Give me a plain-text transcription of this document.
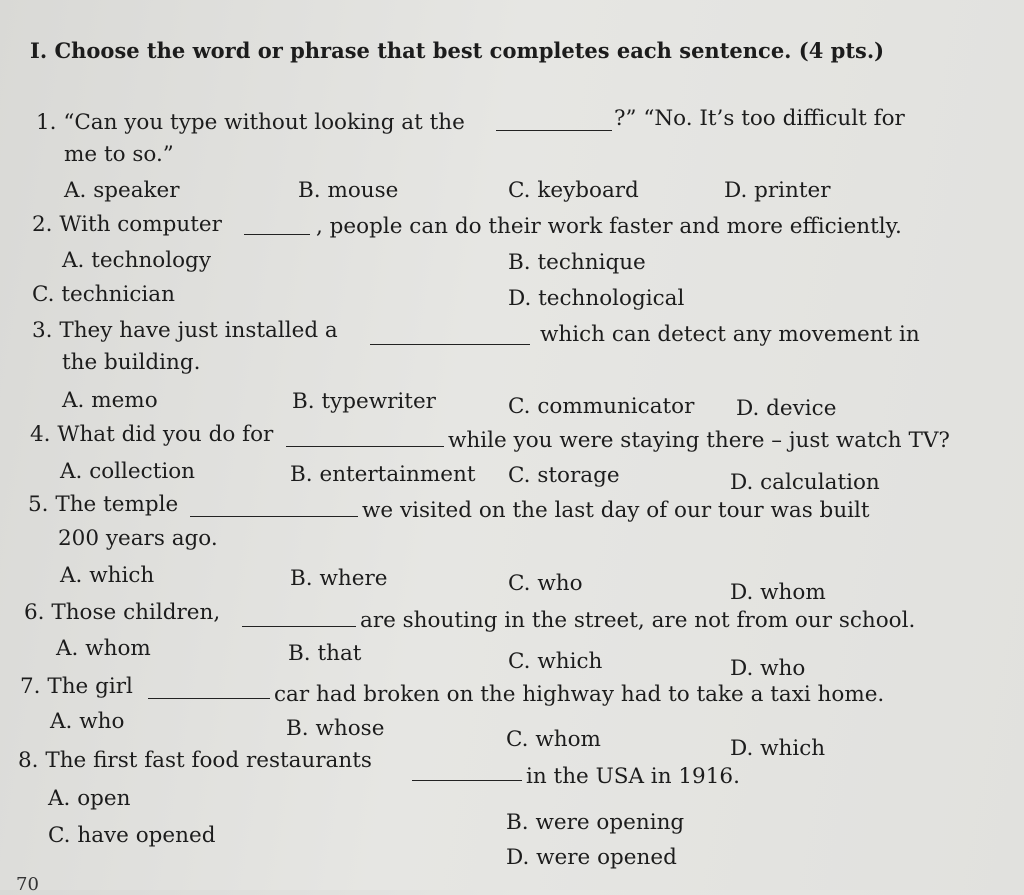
I. Choose the word or phrase that best completes each sentence. (4 pts.)
1. “Can you type without looking at the	?” “No. It’s too difficult for
me to so.”
A. speaker	B. mouse	C. keyboard	D. printer
2. With computer	, people can do their work faster and more efficiently.
A. technology	B. technique
C. technician	D. technological
3. They have just installed a	which can detect any movement in
the building.
A. memo	B. typewriter	C. communicator D. device
4. What did you do for	while you were staying there – just watch TV?
A. collection	B. entertainment C. storage	D. calculation
5. The temple	we visited on the last day of our tour was built
200 years ago.
A. which	B. where	C. who	D. whom
6. Those children,	are shouting in the street, are not from our school.
A. whom	B. that	C. which	D. who
7. The girl	car had broken on the highway had to take a taxi home.
A. who	B. whose	C. whom	D. which
8. The first fast food restaurants
in the USA in 1916.
A. open
B. were opening
C. have opened
D. were opened
70
